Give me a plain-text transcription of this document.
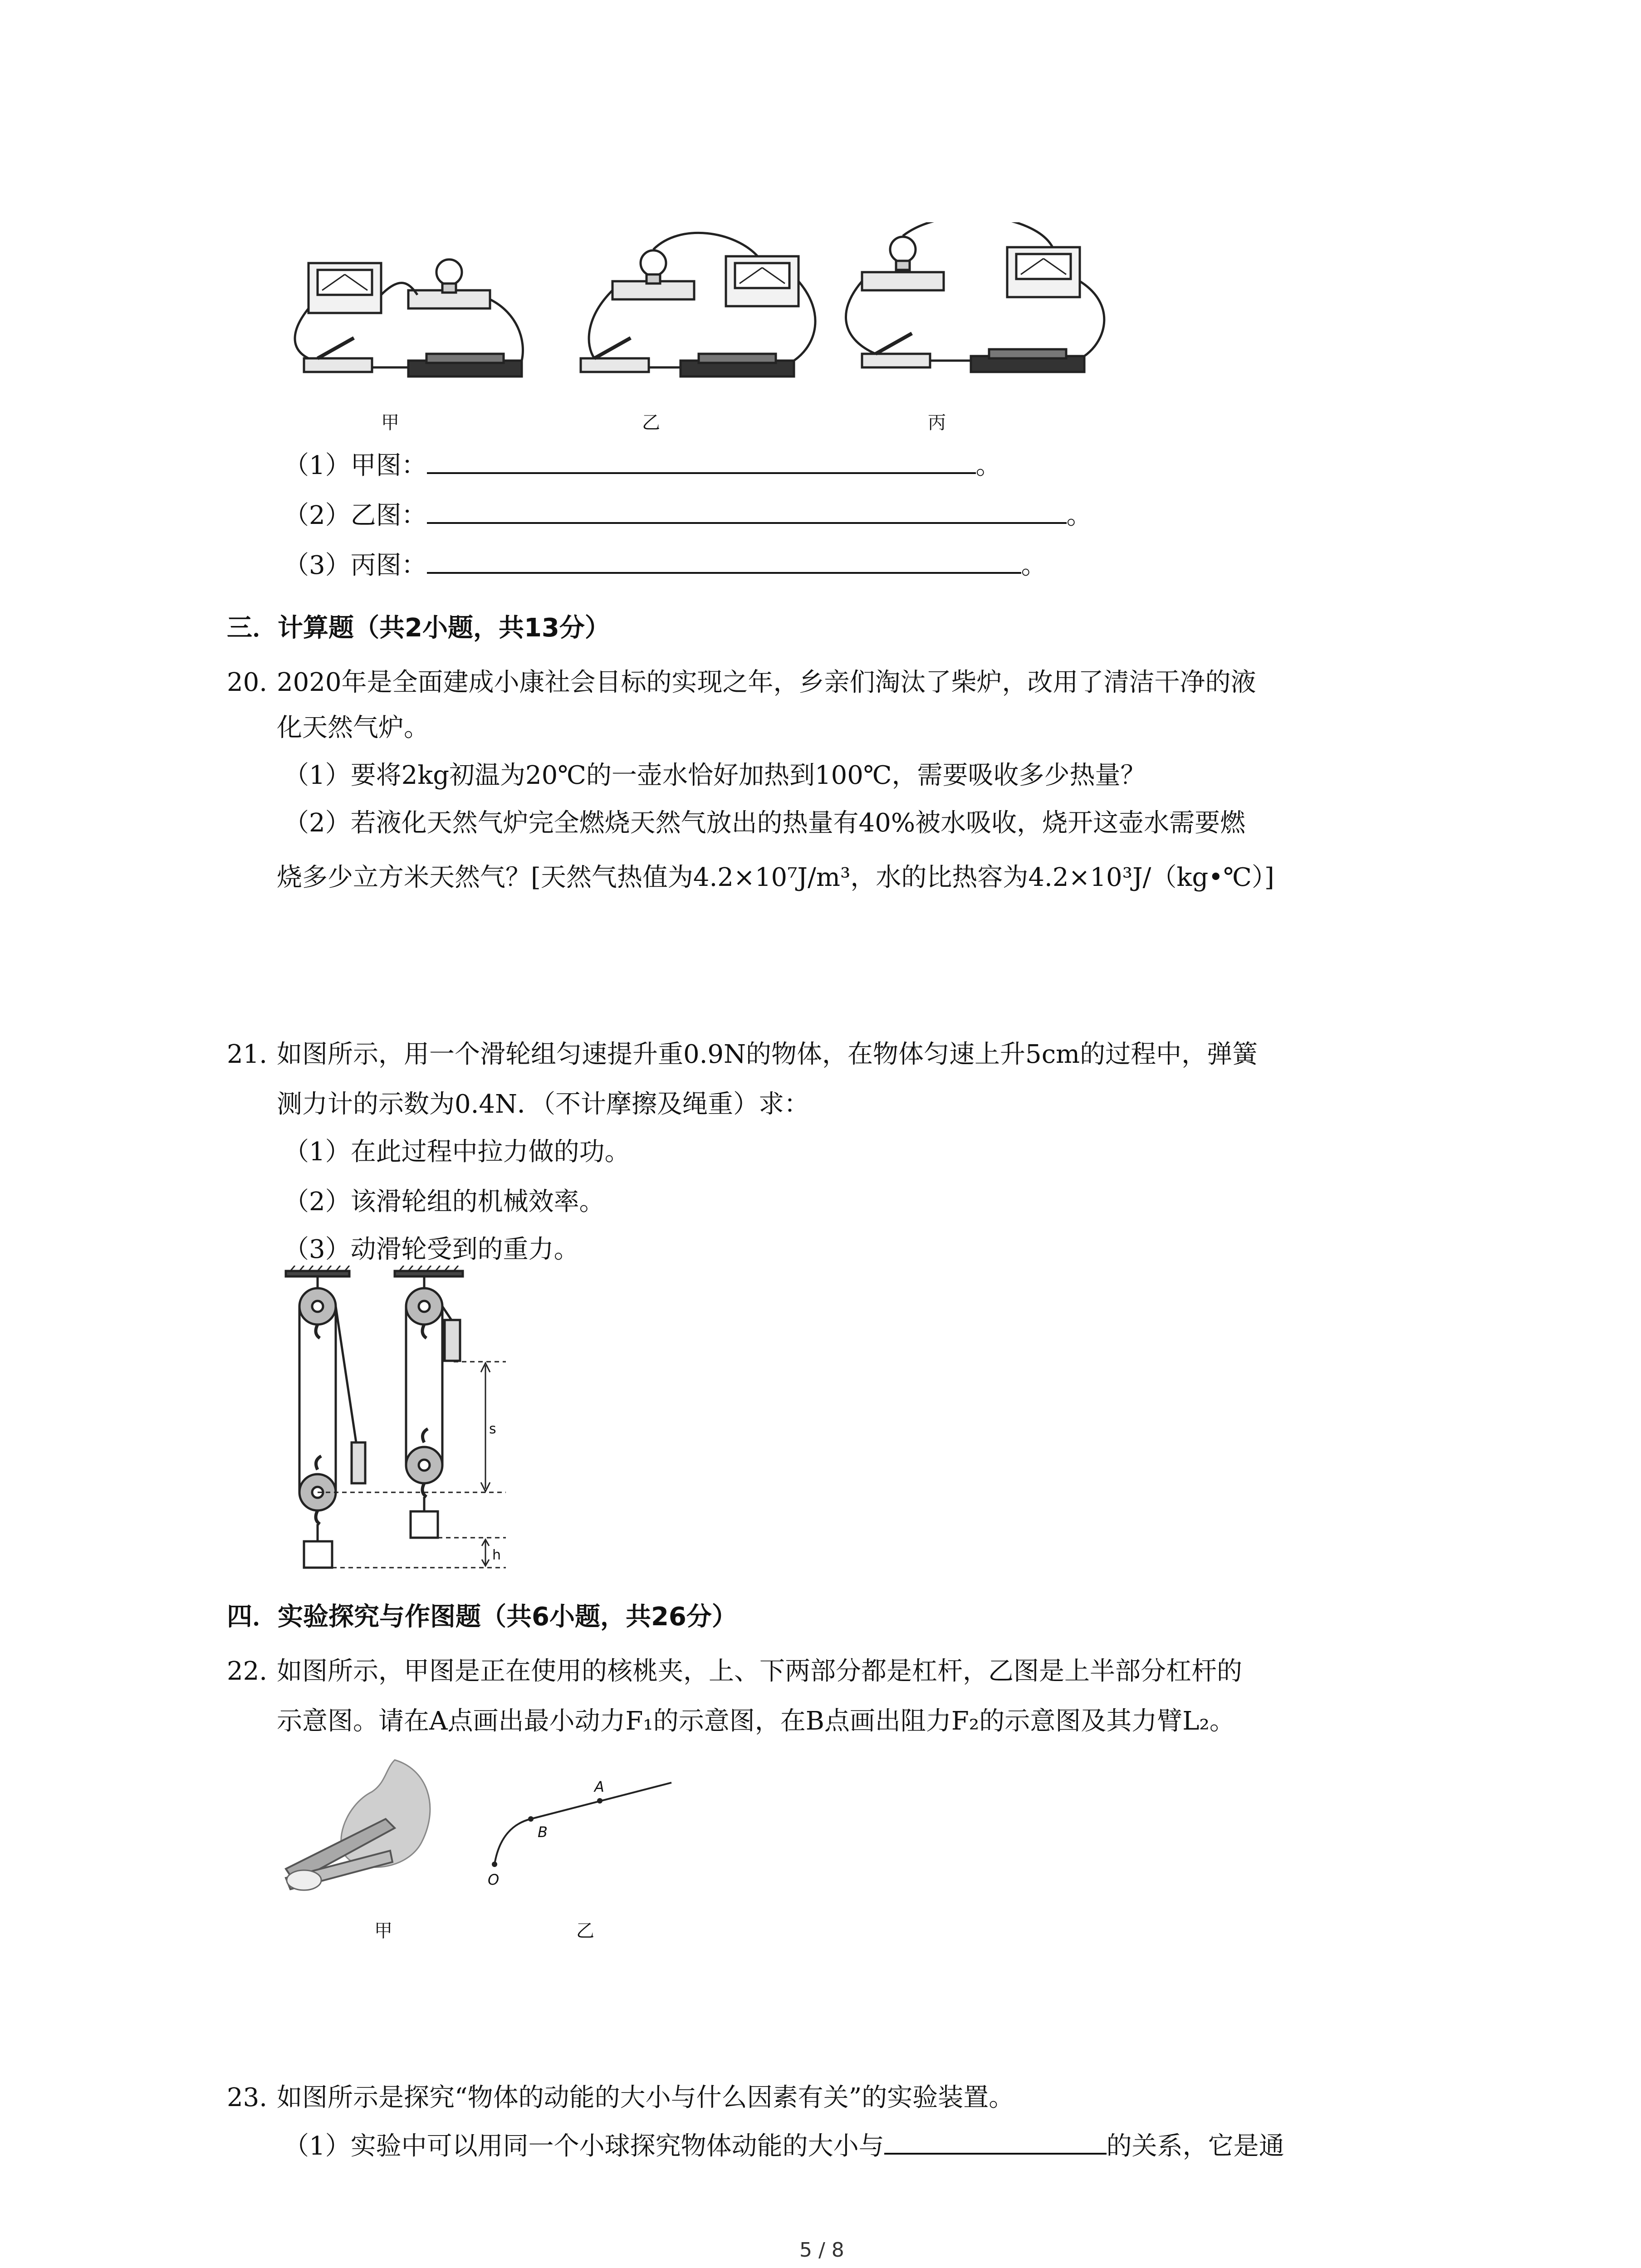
甲	乙	丙
（1）甲图：	。
（2）乙图：	。
（3）丙图：	。
三．计算题（共2小题，共13分）
20. 2020年是全面建成小康社会目标的实现之年，乡亲们淘汰了柴炉，改用了清洁干净的液
化天然气炉。
（1）要将2kg初温为20℃的一壶水恰好加热到100℃，需要吸收多少热量？
（2）若液化天然气炉完全燃烧天然气放出的热量有40%被水吸收，烧开这壶水需要燃
烧多少立方米天然气？[天然气热值为4.2×10⁷J/m³，水的比热容为4.2×10³J/（kg•℃）]
21. 如图所示，用一个滑轮组匀速提升重0.9N的物体，在物体匀速上升5cm的过程中，弹簧
测力计的示数为0.4N．（不计摩擦及绳重）求：
（1）在此过程中拉力做的功。
（2）该滑轮组的机械效率。
（3）动滑轮受到的重力。
s
h
四．实验探究与作图题（共6小题，共26分）
22. 如图所示，甲图是正在使用的核桃夹，上、下两部分都是杠杆，乙图是上半部分杠杆的
示意图。请在A点画出最小动力F₁的示意图，在B点画出阻力F₂的示意图及其力臂L₂。
A
B
O
甲	乙
23. 如图所示是探究“物体的动能的大小与什么因素有关”的实验装置。
（1）实验中可以用同一个小球探究物体动能的大小与	的关系，它是通
5 / 8
